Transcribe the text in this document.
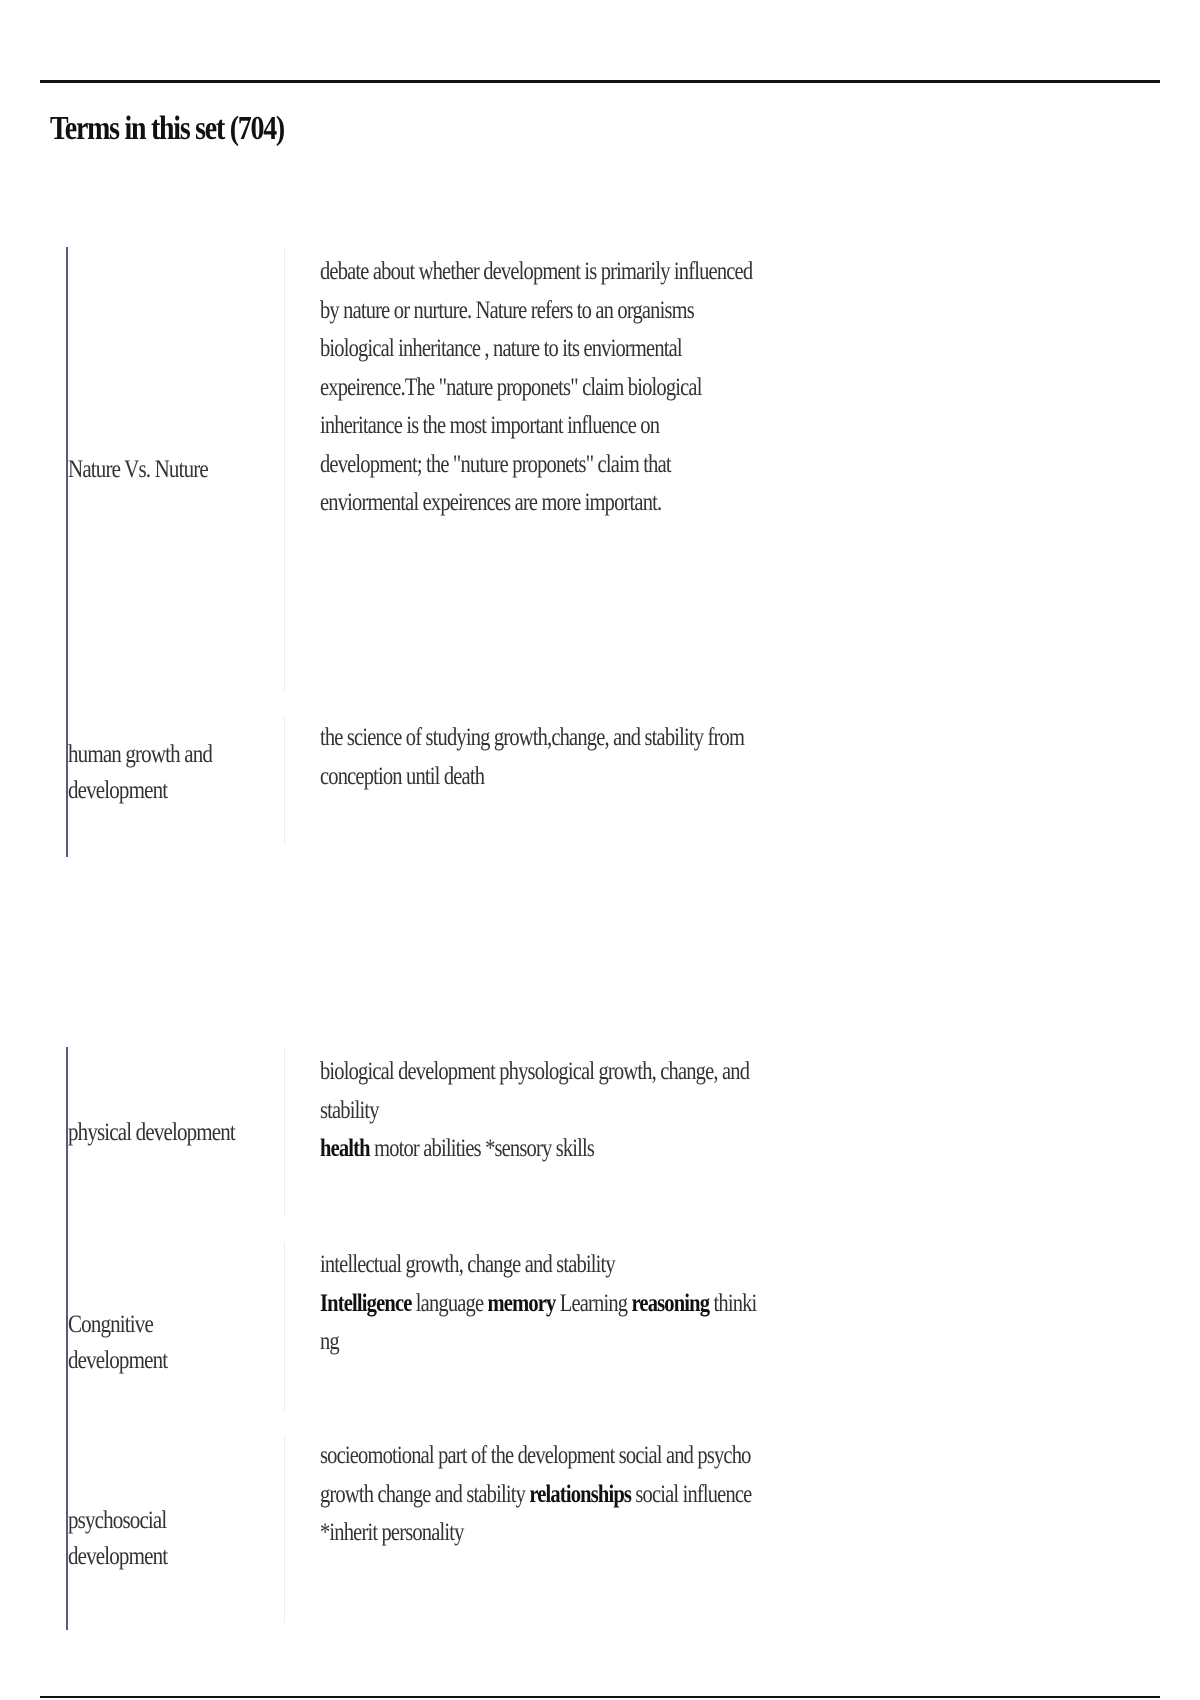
Terms in this set (704)
Nature Vs. Nuture
debate about whether development is primarily influenced
by nature or nurture. Nature refers to an organisms
biological inheritance , nature to its enviormental
expeirence.The "nature proponets" claim biological
inheritance is the most important influence on
development; the "nuture proponets" claim that
enviormental expeirences are more important.
human growth and development
the science of studying growth,change, and stability from
conception until death
physical development
biological development physological growth, change, and
stability
health motor abilities *sensory skills
Congnitive development
intellectual growth, change and stability
Intelligence language memory Learning reasoning thinki
ng
psychosocial development
socieomotional part of the development social and psycho
growth change and stability relationships social influence
*inherit personality
